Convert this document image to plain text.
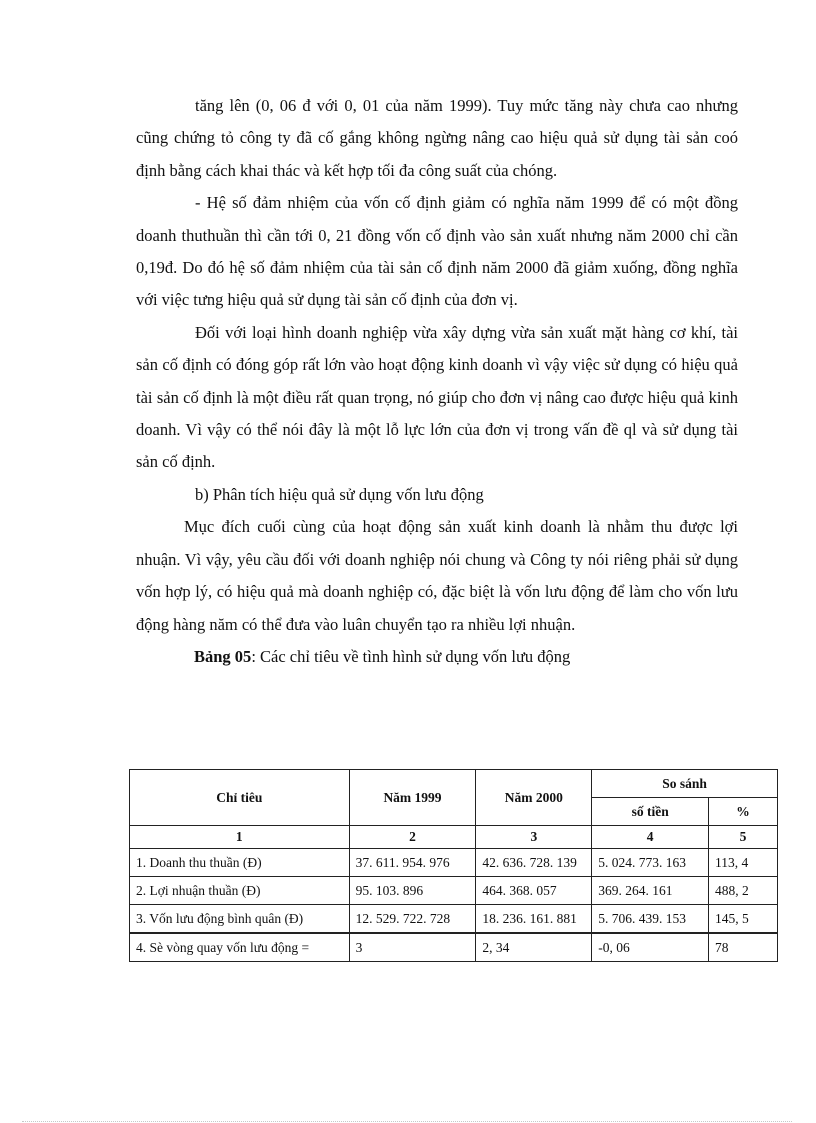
tăng lên (0, 06 đ với 0, 01 của năm 1999). Tuy mức tăng này chưa cao nhưng cũng chứng tỏ công ty đã cố gắng không ngừng nâng cao hiệu quả sử dụng tài sản coó định bằng cách khai thác và kết hợp tối đa công suất của chóng.

- Hệ số đảm nhiệm của vốn cố định giảm có nghĩa năm 1999 để có một đồng doanh thuthuần thì cần tới 0, 21 đồng vốn cố định vào sản xuất nhưng năm 2000 chỉ cần 0,19đ. Do đó hệ số đảm nhiệm của tài sản cố định năm 2000 đã giảm xuống, đồng nghĩa với việc tưng hiệu quả sử dụng tài sản cố định của đơn vị.

Đối với loại hình doanh nghiệp vừa xây dựng vừa sản xuất mặt hàng cơ khí, tài sản cố định có đóng góp rất lớn vào hoạt động kinh doanh vì vậy việc sử dụng có hiệu quả tài sản cố định là một điều rất quan trọng, nó giúp cho đơn vị nâng cao được hiệu quả kinh doanh. Vì vậy có thể nói đây là một lỗ lực lớn của đơn vị trong vấn đề ql và sử dụng tài sản cố định.

b) Phân tích hiệu quả sử dụng vốn lưu động

Mục đích cuối cùng của hoạt động sản xuất kinh doanh là nhằm thu được lợi nhuận. Vì vậy, yêu cầu đối với doanh nghiệp nói chung và Công ty nói riêng phải sử dụng vốn hợp lý, có hiệu quả mà doanh nghiệp có, đặc biệt là vốn lưu động để làm cho vốn lưu động hàng năm có thể đưa vào luân chuyển tạo ra nhiều lợi nhuận.

Bảng 05: Các chỉ tiêu về tình hình sử dụng vốn lưu động

Chỉ tiêu	Năm 1999	Năm 2000	So sánh	
			số tiền	%
1	2	3	4	5
1. Doanh thu thuần (Đ)	37. 611. 954. 976	42. 636. 728. 139	5. 024. 773. 163	113, 4
2. Lợi nhuận thuần (Đ)	95. 103. 896	464. 368. 057	369. 264. 161	488, 2
3. Vốn lưu động bình quân (Đ)	12. 529. 722. 728	18. 236. 161. 881	5. 706. 439. 153	145, 5
4. Sè vòng quay vốn lưu động =	3	2, 34	-0, 06	78
